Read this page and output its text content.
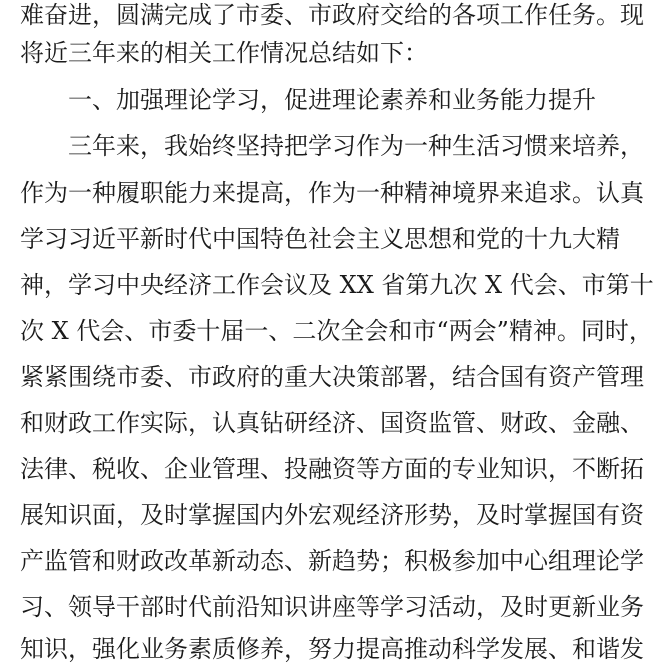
难奋进，圆满完成了市委、市政府交给的各项工作任务。现
将近三年来的相关工作情况总结如下：
一、加强理论学习，促进理论素养和业务能力提升
三年来，我始终坚持把学习作为一种生活习惯来培养，
作为一种履职能力来提高，作为一种精神境界来追求。认真
学习习近平新时代中国特色社会主义思想和党的十九大精
神，学习中央经济工作会议及 XX 省第九次 X 代会、市第十
次 X 代会、市委十届一、二次全会和市“两会”精神。同时，
紧紧围绕市委、市政府的重大决策部署，结合国有资产管理
和财政工作实际，认真钻研经济、国资监管、财政、金融、
法律、税收、企业管理、投融资等方面的专业知识，不断拓
展知识面，及时掌握国内外宏观经济形势，及时掌握国有资
产监管和财政改革新动态、新趋势；积极参加中心组理论学
习、领导干部时代前沿知识讲座等学习活动，及时更新业务
知识，强化业务素质修养，努力提高推动科学发展、和谐发
